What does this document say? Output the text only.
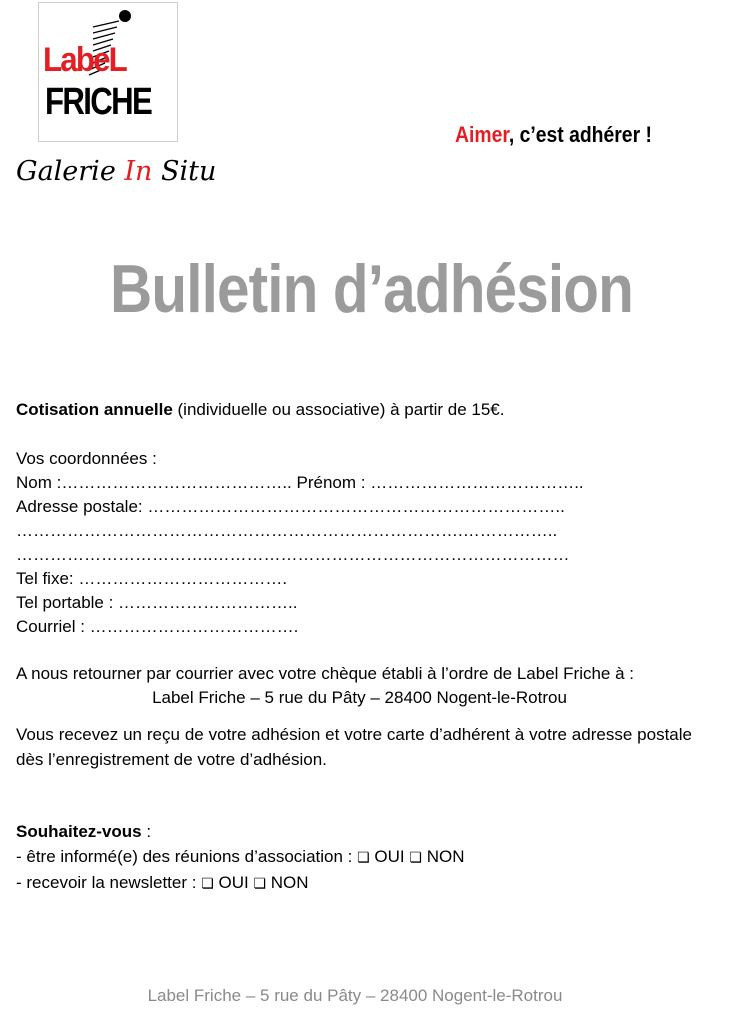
LabeL
FRICHE
Galerie In Situ
Aimer, c’est adhérer !
Bulletin d’adhésion
Cotisation annuelle (individuelle ou associative) à partir de 15€.
Vos coordonnées :
Nom :………………………………….. Prénom : ………………………………..
Adresse postale: ………………………………………………………………..
…………………………………………………………………….……………..
……………………………..………………………………………………………
Tel fixe: ……………………………….
Tel portable : …………………………..
Courriel : ……………………………….
A nous retourner par courrier avec votre chèque établi à l’ordre de Label Friche à :
Label Friche – 5 rue du Pâty – 28400 Nogent-le-Rotrou
Vous recevez un reçu de votre adhésion et votre carte d’adhérent à votre adresse postale dès l’enregistrement de votre d’adhésion.
Souhaitez-vous :
- être informé(e) des réunions d’association : ❏ OUI ❏ NON
- recevoir la newsletter : ❏ OUI ❏ NON
Label Friche – 5 rue du Pâty – 28400 Nogent-le-Rotrou
